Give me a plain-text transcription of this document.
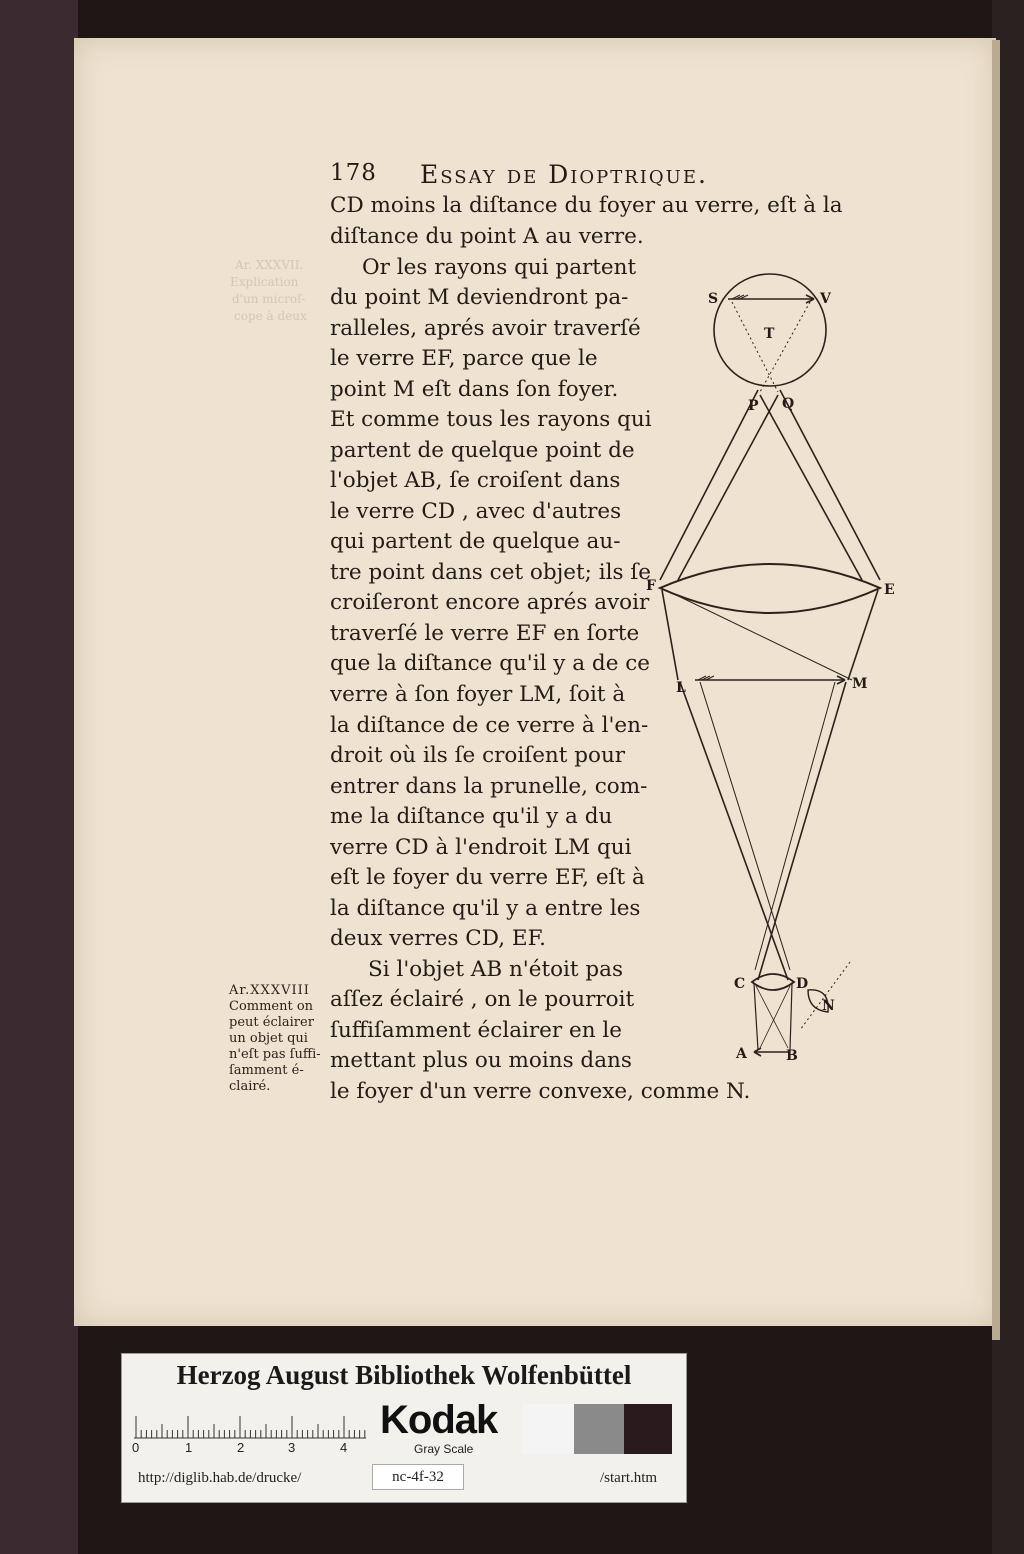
Ar. XXXVII.
Explication
d'un microſ-
cope à deux
178 Essay de Dioptrique.
CD moins la diſtance du foyer au verre, eſt à la
diſtance du point A au verre.
Or les rayons qui partent
du point M deviendront pa-
ralleles, aprés avoir traverſé
le verre EF, parce que le
point M eſt dans ſon foyer.
Et comme tous les rayons qui
partent de quelque point de
l'objet AB, ſe croiſent dans
le verre CD , avec d'autres
qui partent de quelque au-
tre point dans cet objet; ils ſe
croiſeront encore aprés avoir
traverſé le verre EF en ſorte
que la diſtance qu'il y a de ce
verre à ſon foyer LM, ſoit à
la diſtance de ce verre à l'en-
droit où ils ſe croiſent pour
entrer dans la prunelle, com-
me la diſtance qu'il y a du
verre CD à l'endroit LM qui
eſt le foyer du verre EF, eſt à
la diſtance qu'il y a entre les
deux verres CD, EF.
Si l'objet AB n'étoit pas
aſſez éclairé , on le pourroit
ſuffiſamment éclairer en le
mettant plus ou moins dans
le foyer d'un verre convexe, comme N.
Ar.XXXVIII
Comment on
peut éclairer
un objet qui
n'eſt pas ſuffi-
ſamment é-
clairé.
S	V
T
P Q
F	E
L	M
C	D
N
A	B
Herzog August Bibliothek Wolfenbüttel
0	1	2	3	4
Kodak
Gray Scale
http://diglib.hab.de/drucke/	nc-4f-32	/start.htm
